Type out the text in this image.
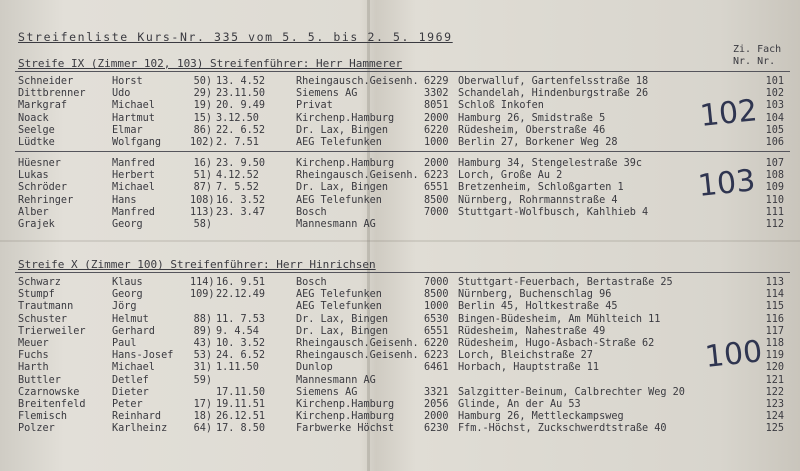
Streifenliste Kurs-Nr. 335 vom 5. 5. bis 2. 5. 1969
Zi. Fach
Nr. Nr.
Streife IX (Zimmer 102, 103) Streifenführer: Herr Hammerer
Streife X (Zimmer 100) Streifenführer: Herr Hinrichsen
Schneider	Horst	50) 13. 4.52	Rheingausch.Geisenh. 6229 Oberwalluf, Gartenfelsstraße 18	101
Dittbrenner	Udo	29) 23.11.50	Siemens AG	3302 Schandelah, Hindenburgstraße 26	102
Markgraf	Michael	19) 20. 9.49	Privat	8051 Schloß Inkofen	103
Noack	Hartmut	15) 3.12.50	Kirchenp.Hamburg	2000 Hamburg 26, Smidstraße 5	104
Seelge	Elmar	86) 22. 6.52	Dr. Lax, Bingen	6220 Rüdesheim, Oberstraße 46	105
Lüdtke	Wolfgang	102) 2. 7.51	AEG Telefunken	1000 Berlin 27, Borkener Weg 28	106
Hüesner	Manfred	16) 23. 9.50	Kirchenp.Hamburg	2000 Hamburg 34, Stengelestraße 39c	107
Lukas	Herbert	51) 4.12.52	Rheingausch.Geisenh. 6223 Lorch, Große Au 2	108
Schröder	Michael	87) 7. 5.52	Dr. Lax, Bingen	6551 Bretzenheim, Schloßgarten 1	109
Rehringer	Hans	108) 16. 3.52	AEG Telefunken	8500 Nürnberg, Rohrmannstraße 4	110
Alber	Manfred	113) 23. 3.47	Bosch	7000 Stuttgart-Wolfbusch, Kahlhieb 4	111
Grajek	Georg	58)	Mannesmann AG	112
Schwarz	Klaus	114) 16. 9.51	Bosch	7000 Stuttgart-Feuerbach, Bertastraße 25	113
Stumpf	Georg	109) 22.12.49	AEG Telefunken	8500 Nürnberg, Buchenschlag 96	114
Trautmann	Jörg	AEG Telefunken	1000 Berlin 45, Holtkestraße 45	115
Schuster	Helmut	88) 11. 7.53	Dr. Lax, Bingen	6530 Bingen-Büdesheim, Am Mühlteich 11	116
Trierweiler	Gerhard	89) 9. 4.54	Dr. Lax, Bingen	6551 Rüdesheim, Nahestraße 49	117
Meuer	Paul	43) 10. 3.52	Rheingausch.Geisenh. 6220 Rüdesheim, Hugo-Asbach-Straße 62	118
Fuchs	Hans-Josef	53) 24. 6.52	Rheingausch.Geisenh. 6223 Lorch, Bleichstraße 27	119
Harth	Michael	31) 1.11.50	Dunlop	6461 Horbach, Hauptstraße 11	120
Buttler	Detlef	59)	Mannesmann AG	121
Czarnowske	Dieter	17.11.50	Siemens AG	3321 Salzgitter-Beinum, Calbrechter Weg 20	122
Breitenfeld	Peter	17) 19.11.51	Kirchenp.Hamburg	2056 Glinde, An der Au 53	123
Flemisch	Reinhard	18) 26.12.51	Kirchenp.Hamburg	2000 Hamburg 26, Mettleckampsweg	124
Polzer	Karlheinz	64) 17. 8.50	Farbwerke Höchst	6230 Ffm.-Höchst, Zuckschwerdtstraße 40	125
102
103
100
